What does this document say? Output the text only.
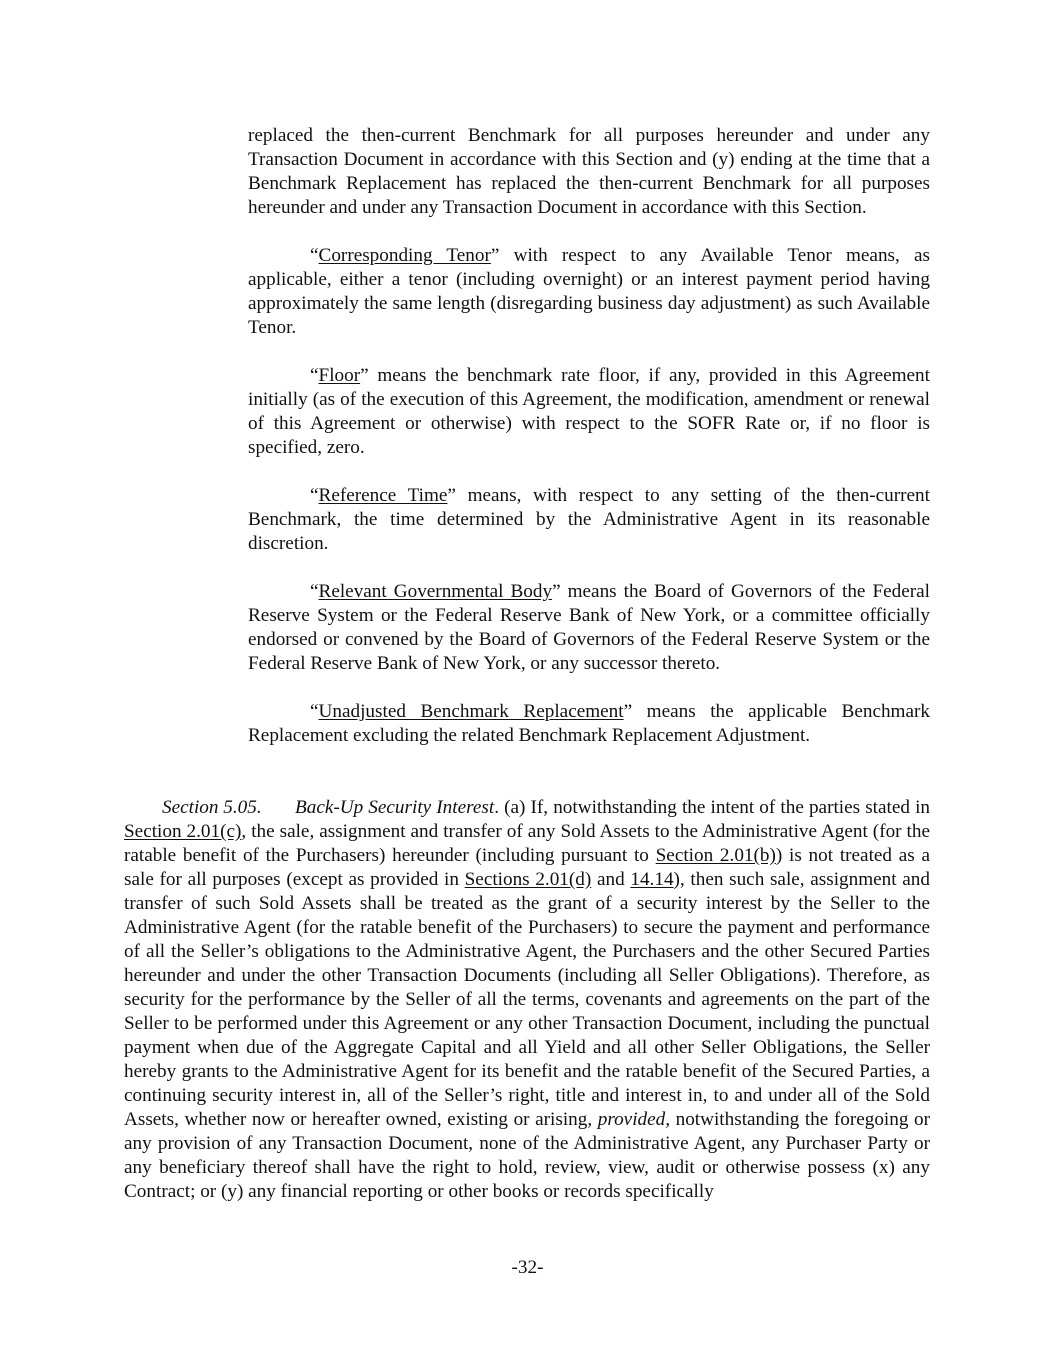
replaced the then-current Benchmark for all purposes hereunder and under any Transaction Document in accordance with this Section and (y) ending at the time that a Benchmark Replacement has replaced the then-current Benchmark for all purposes hereunder and under any Transaction Document in accordance with this Section.

“Corresponding Tenor” with respect to any Available Tenor means, as applicable, either a tenor (including overnight) or an interest payment period having approximately the same length (disregarding business day adjustment) as such Available Tenor.

“Floor” means the benchmark rate floor, if any, provided in this Agreement initially (as of the execution of this Agreement, the modification, amendment or renewal of this Agreement or otherwise) with respect to the SOFR Rate or, if no floor is specified, zero.

“Reference Time” means, with respect to any setting of the then-current Benchmark, the time determined by the Administrative Agent in its reasonable discretion.

“Relevant Governmental Body” means the Board of Governors of the Federal Reserve System or the Federal Reserve Bank of New York, or a committee officially endorsed or convened by the Board of Governors of the Federal Reserve System or the Federal Reserve Bank of New York, or any successor thereto.

“Unadjusted Benchmark Replacement” means the applicable Benchmark Replacement excluding the related Benchmark Replacement Adjustment.

Section 5.05. Back-Up Security Interest. (a) If, notwithstanding the intent of the parties stated in Section 2.01(c), the sale, assignment and transfer of any Sold Assets to the Administrative Agent (for the ratable benefit of the Purchasers) hereunder (including pursuant to Section 2.01(b)) is not treated as a sale for all purposes (except as provided in Sections 2.01(d) and 14.14), then such sale, assignment and transfer of such Sold Assets shall be treated as the grant of a security interest by the Seller to the Administrative Agent (for the ratable benefit of the Purchasers) to secure the payment and performance of all the Seller’s obligations to the Administrative Agent, the Purchasers and the other Secured Parties hereunder and under the other Transaction Documents (including all Seller Obligations). Therefore, as security for the performance by the Seller of all the terms, covenants and agreements on the part of the Seller to be performed under this Agreement or any other Transaction Document, including the punctual payment when due of the Aggregate Capital and all Yield and all other Seller Obligations, the Seller hereby grants to the Administrative Agent for its benefit and the ratable benefit of the Secured Parties, a continuing security interest in, all of the Seller’s right, title and interest in, to and under all of the Sold Assets, whether now or hereafter owned, existing or arising, provided, notwithstanding the foregoing or any provision of any Transaction Document, none of the Administrative Agent, any Purchaser Party or any beneficiary thereof shall have the right to hold, review, view, audit or otherwise possess (x) any Contract; or (y) any financial reporting or other books or records specifically

-32-
